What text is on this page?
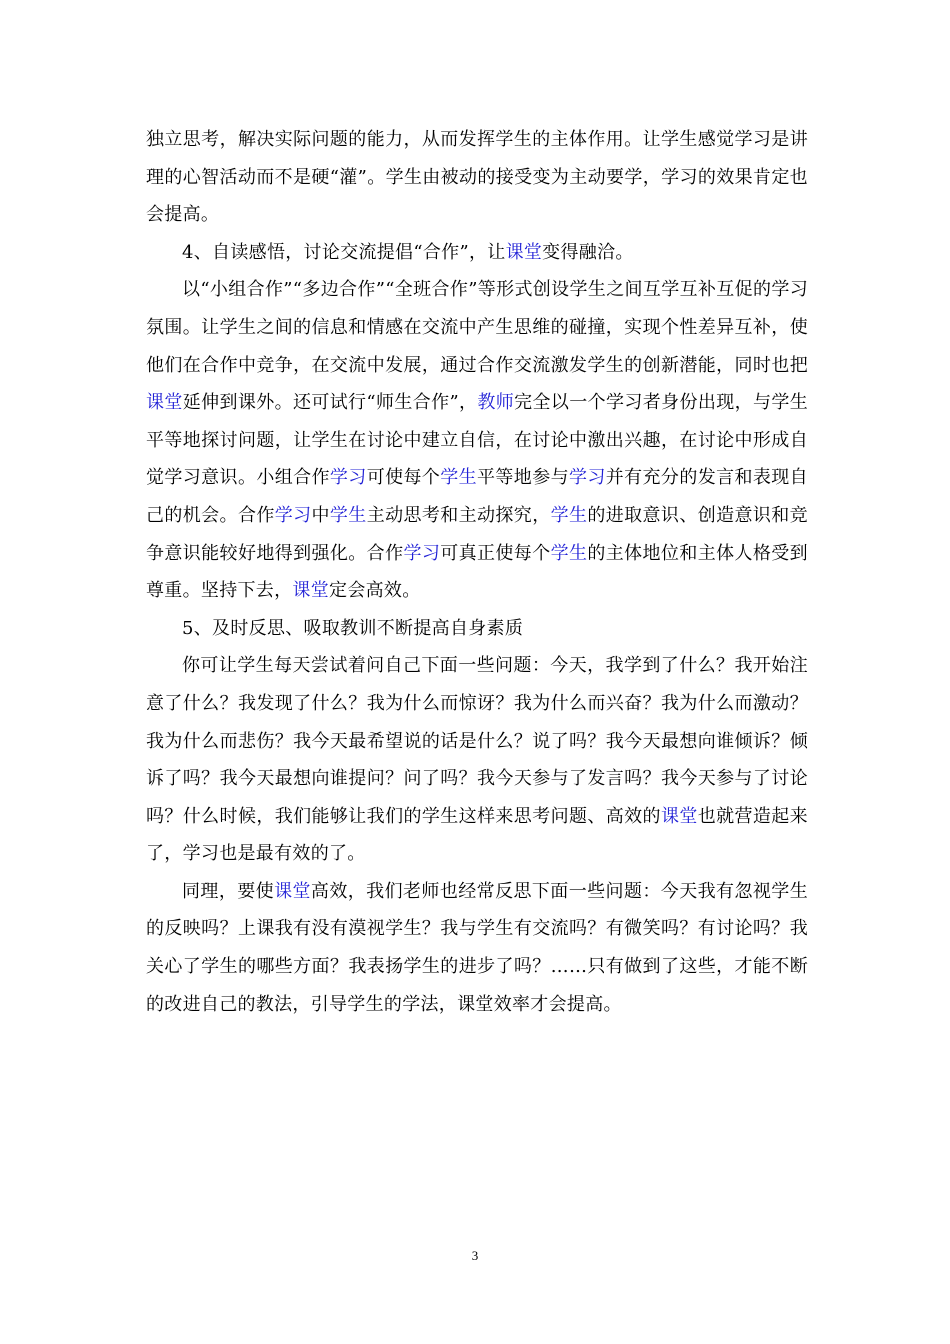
独立思考，解决实际问题的能力，从而发挥学生的主体作用。让学生感觉学习是讲理的心智活动而不是硬“灌”。学生由被动的接受变为主动要学，学习的效果肯定也会提高。

4、自读感悟，讨论交流提倡“合作”，让课堂变得融洽。

以“小组合作”“多边合作”“全班合作”等形式创设学生之间互学互补互促的学习氛围。让学生之间的信息和情感在交流中产生思维的碰撞，实现个性差异互补，使他们在合作中竞争，在交流中发展，通过合作交流激发学生的创新潜能，同时也把课堂延伸到课外。还可试行“师生合作”，教师完全以一个学习者身份出现，与学生平等地探讨问题，让学生在讨论中建立自信，在讨论中激出兴趣，在讨论中形成自觉学习意识。小组合作学习可使每个学生平等地参与学习并有充分的发言和表现自己的机会。合作学习中学生主动思考和主动探究，学生的进取意识、创造意识和竞争意识能较好地得到强化。合作学习可真正使每个学生的主体地位和主体人格受到尊重。坚持下去，课堂定会高效。

5、及时反思、吸取教训不断提高自身素质

你可让学生每天尝试着问自己下面一些问题：今天，我学到了什么？我开始注意了什么？我发现了什么？我为什么而惊讶？我为什么而兴奋？我为什么而激动？我为什么而悲伤？我今天最希望说的话是什么？说了吗？我今天最想向谁倾诉？倾诉了吗？我今天最想向谁提问？问了吗？我今天参与了发言吗？我今天参与了讨论吗？什么时候，我们能够让我们的学生这样来思考问题、高效的课堂也就营造起来了，学习也是最有效的了。

同理，要使课堂高效，我们老师也经常反思下面一些问题：今天我有忽视学生的反映吗？上课我有没有漠视学生？我与学生有交流吗？有微笑吗？有讨论吗？我关心了学生的哪些方面？我表扬学生的进步了吗？……只有做到了这些，才能不断的改进自己的教法，引导学生的学法，课堂效率才会提高。

3
